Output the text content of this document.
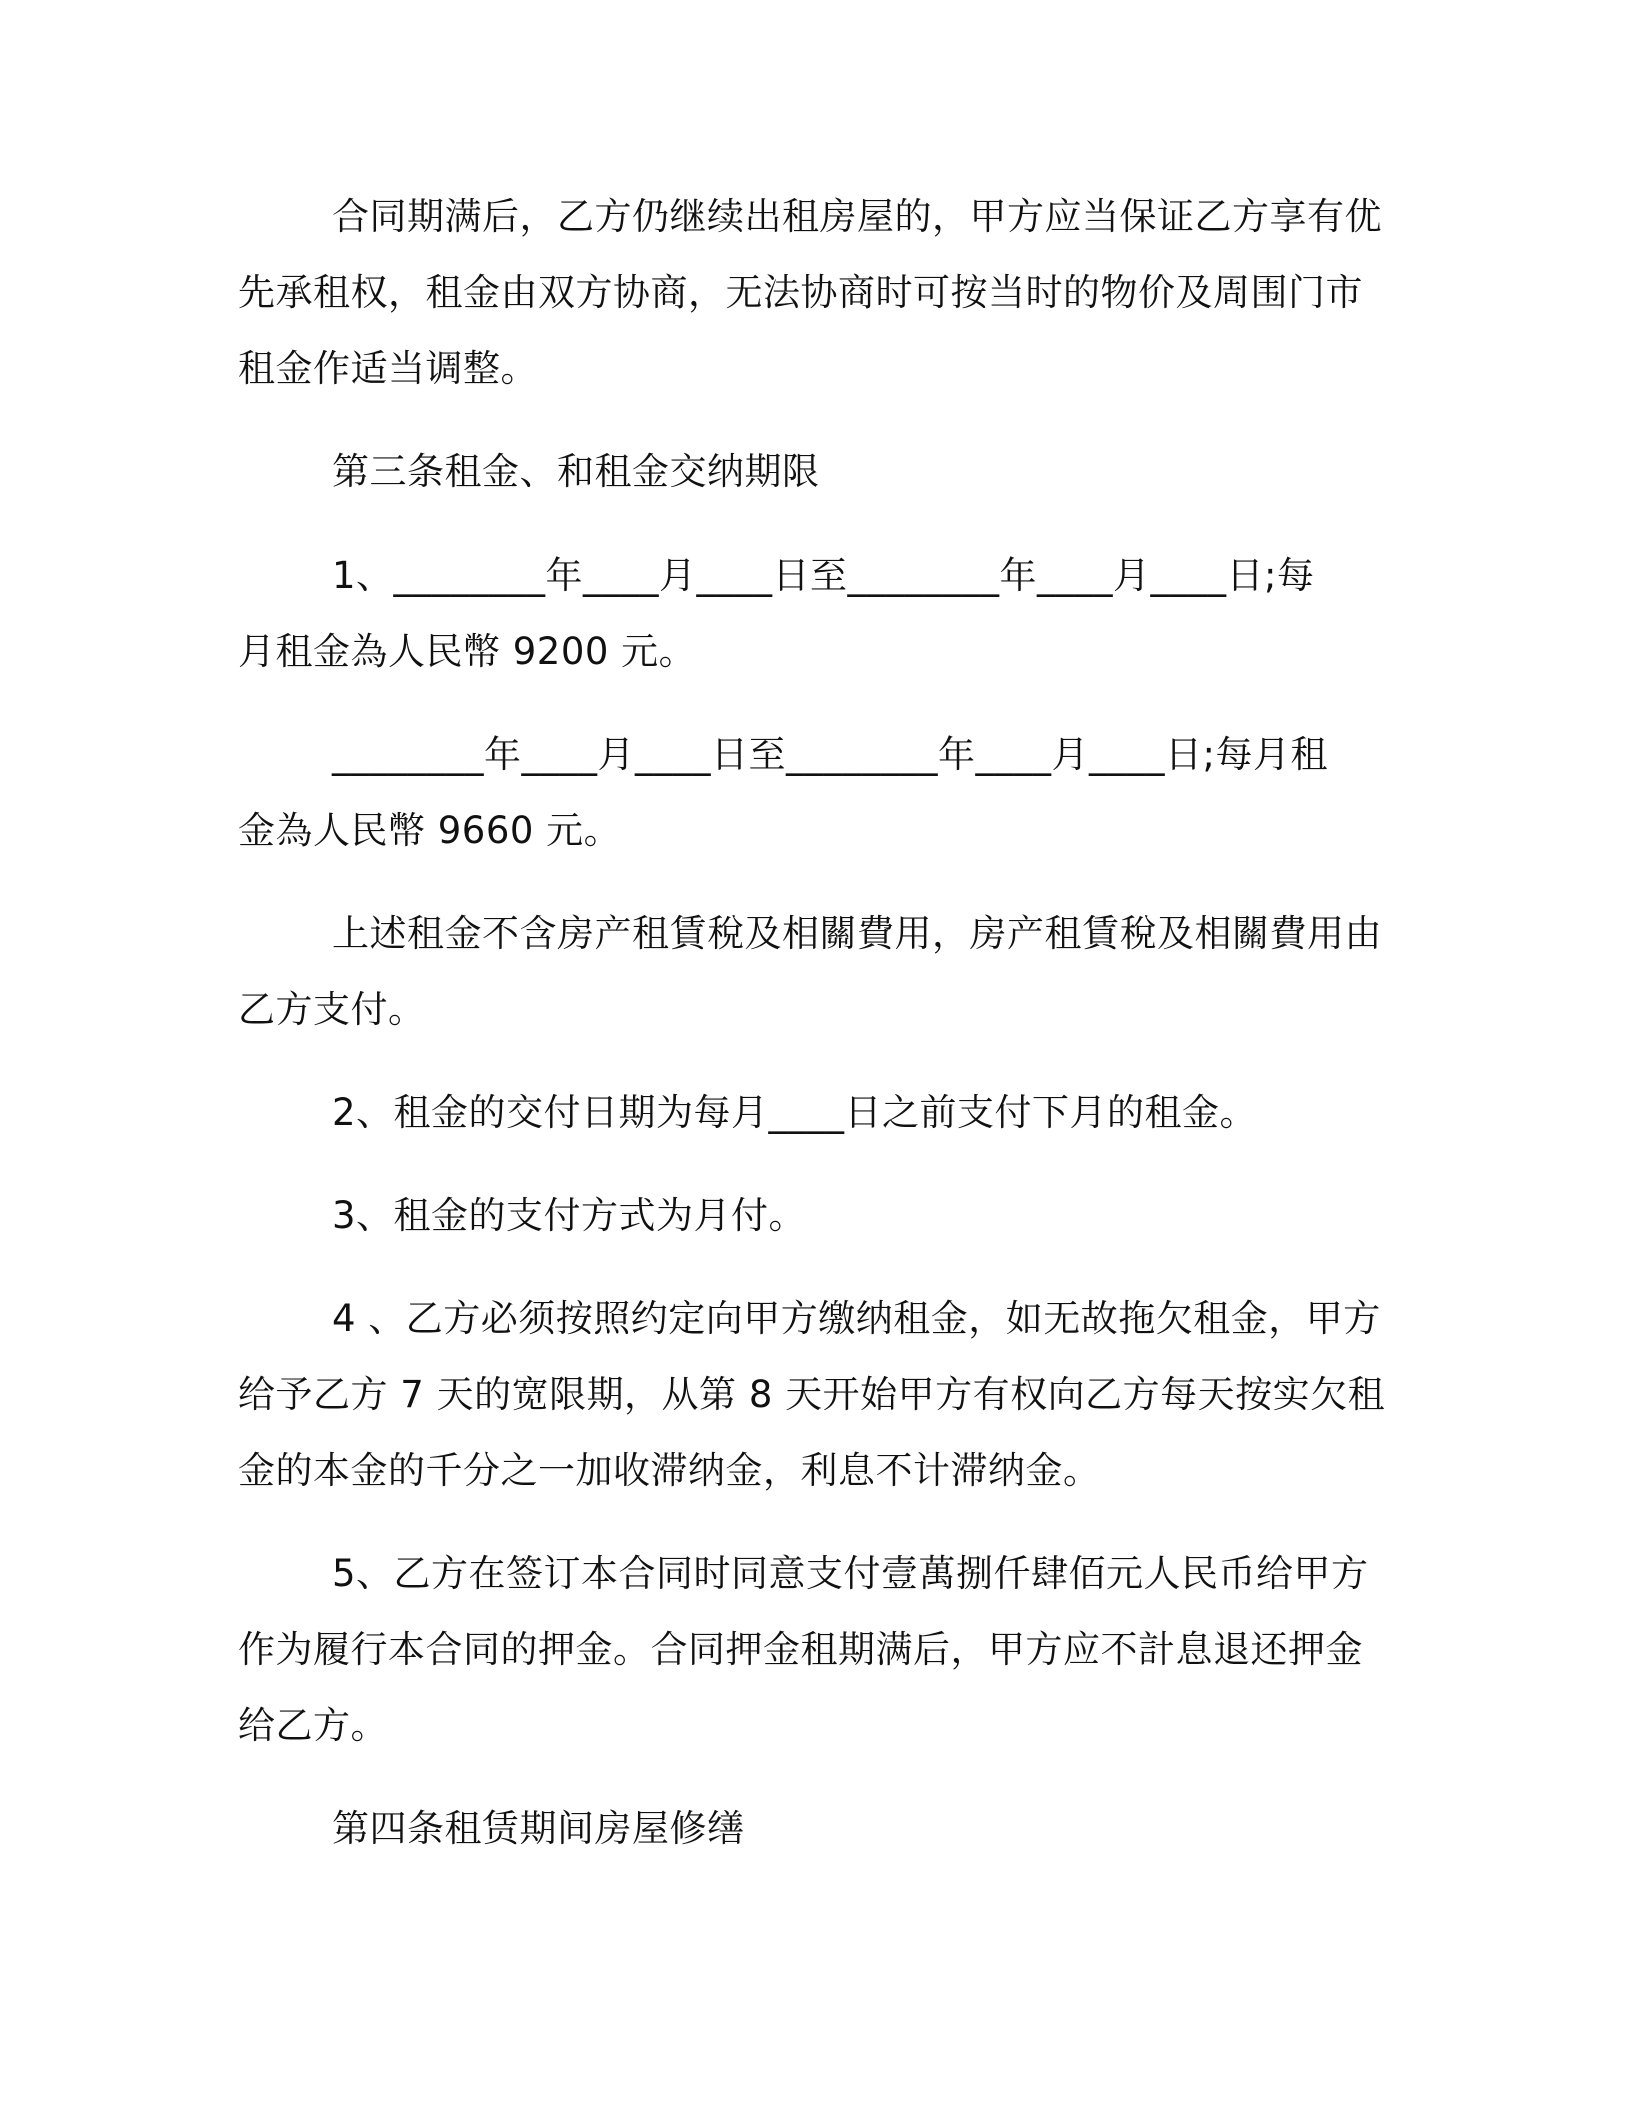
合同期满后，乙方仍继续出租房屋的，甲方应当保证乙方享有优
先承租权，租金由双方协商，无法协商时可按当时的物价及周围门市
租金作适当调整。
第三条租金、和租金交纳期限
1、________年____月____日至________年____月____日;每
月租金為人民幣 9200 元。
________年____月____日至________年____月____日;每月租
金為人民幣 9660 元。
上述租金不含房产租賃稅及相關費用，房产租賃稅及相關費用由
乙方支付。
2、租金的交付日期为每月____日之前支付下月的租金。
3、租金的支付方式为月付。
4 、乙方必须按照约定向甲方缴纳租金，如无故拖欠租金，甲方
给予乙方 7 天的宽限期，从第 8 天开始甲方有权向乙方每天按实欠租
金的本金的千分之一加收滞纳金，利息不计滞纳金。
5、乙方在签订本合同时同意支付壹萬捌仟肆佰元人民币给甲方
作为履行本合同的押金。合同押金租期满后，甲方应不計息退还押金
给乙方。
第四条租赁期间房屋修缮
